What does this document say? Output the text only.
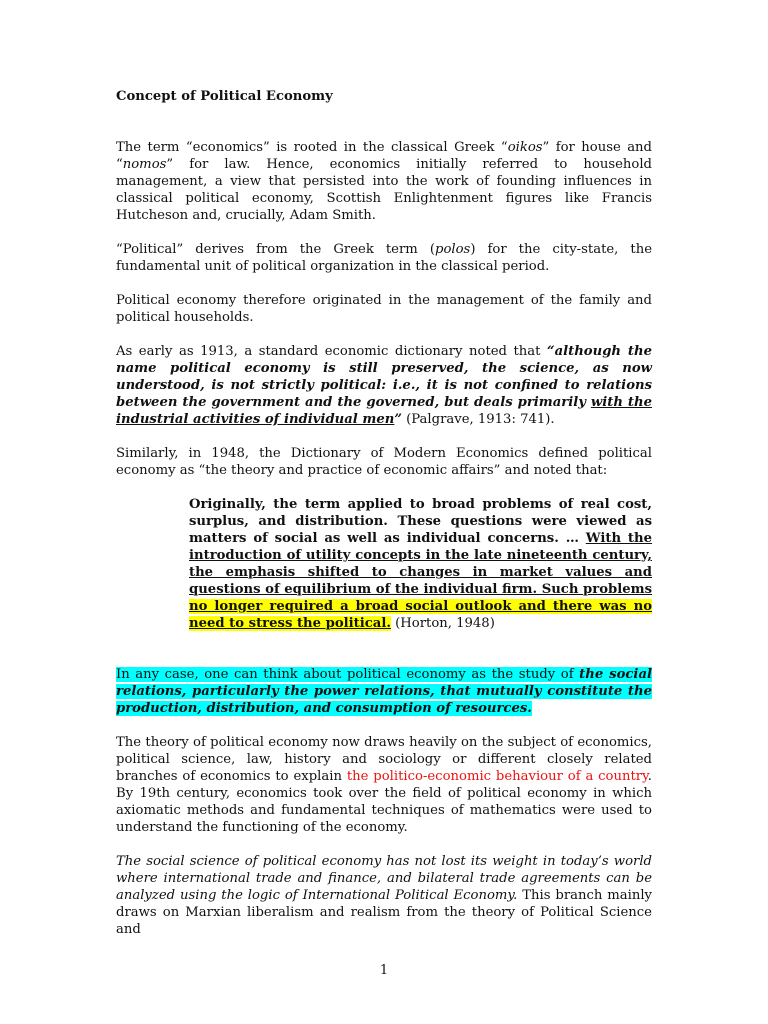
Concept of Political Economy

The term “economics” is rooted in the classical Greek “oikos” for house and “nomos” for law. Hence, economics initially referred to household management, a view that persisted into the work of founding influences in classical political economy, Scottish Enlightenment figures like Francis Hutcheson and, crucially, Adam Smith.

“Political” derives from the Greek term (polos) for the city-state, the fundamental unit of political organization in the classical period.

Political economy therefore originated in the management of the family and political households.

As early as 1913, a standard economic dictionary noted that “although the name political economy is still preserved, the science, as now understood, is not strictly political: i.e., it is not confined to relations between the government and the governed, but deals primarily with the industrial activities of individual men” (Palgrave, 1913: 741).

Similarly, in 1948, the Dictionary of Modern Economics defined political economy as “the theory and practice of economic affairs” and noted that:

Originally, the term applied to broad problems of real cost, surplus, and distribution. These questions were viewed as matters of social as well as individual concerns. … With the introduction of utility concepts in the late nineteenth century, the emphasis shifted to changes in market values and questions of equilibrium of the individual firm. Such problems no longer required a broad social outlook and there was no need to stress the political. (Horton, 1948)

In any case, one can think about political economy as the study of the social relations, particularly the power relations, that mutually constitute the production, distribution, and consumption of resources.

The theory of political economy now draws heavily on the subject of economics, political science, law, history and sociology or different closely related branches of economics to explain the politico-economic behaviour of a country. By 19th century, economics took over the field of political economy in which axiomatic methods and fundamental techniques of mathematics were used to understand the functioning of the economy.

The social science of political economy has not lost its weight in today’s world where international trade and finance, and bilateral trade agreements can be analyzed using the logic of International Political Economy. This branch mainly draws on Marxian liberalism and realism from the theory of Political Science and

1
